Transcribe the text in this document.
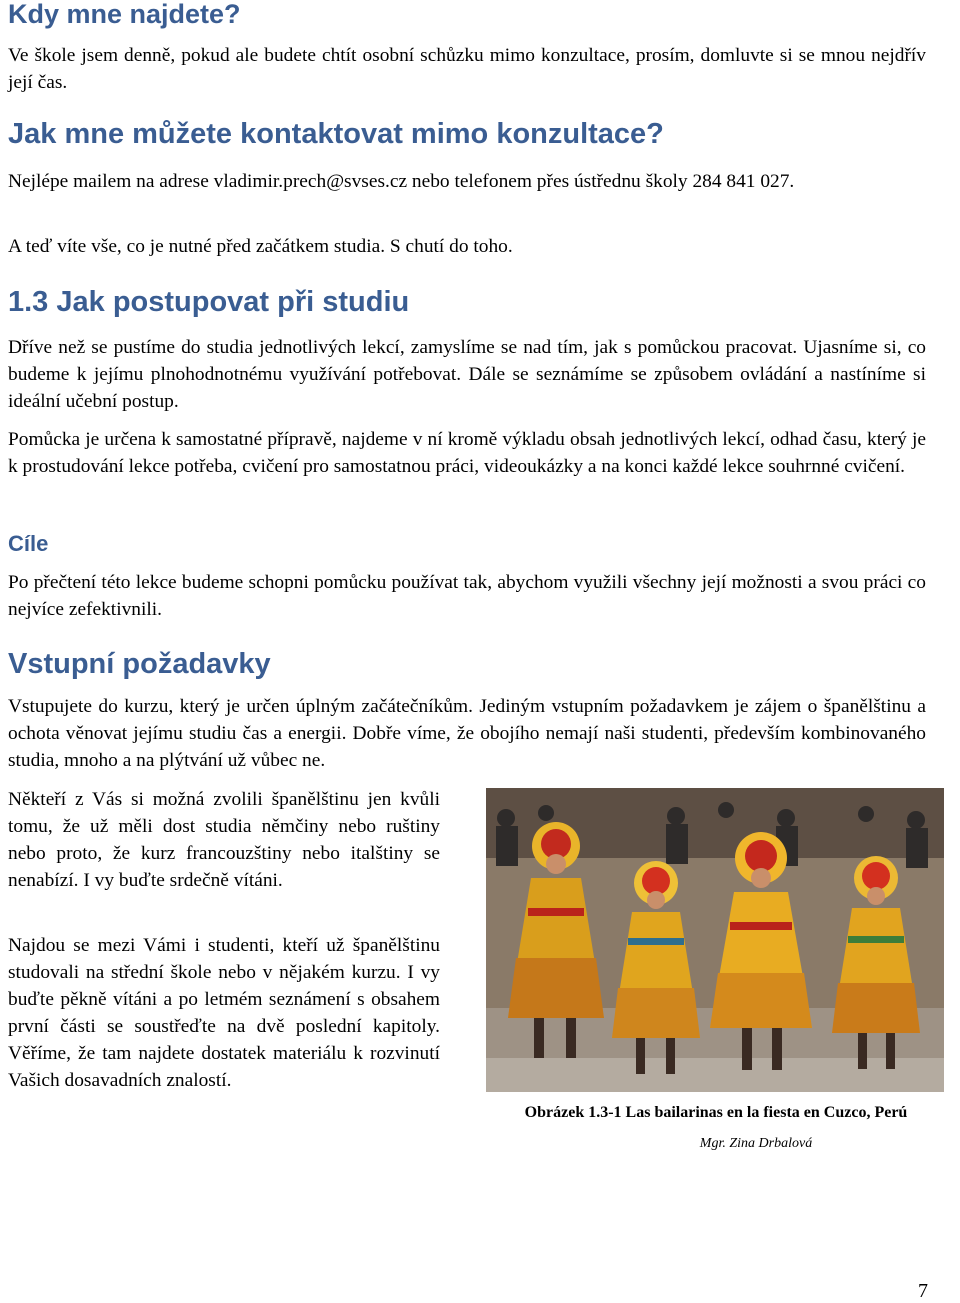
Kdy mne najdete?

Ve škole jsem denně, pokud ale budete chtít osobní schůzku mimo konzultace, prosím, domluvte si se mnou nejdřív její čas.

Jak mne můžete kontaktovat mimo konzultace?

Nejlépe mailem na adrese vladimir.prech@svses.cz nebo telefonem přes ústřednu školy 284 841 027.

A teď víte vše, co je nutné před začátkem studia. S chutí do toho.

1.3 Jak postupovat při studiu

Dříve než se pustíme do studia jednotlivých lekcí, zamyslíme se nad tím, jak s pomůckou pracovat. Ujasníme si, co budeme k jejímu plnohodnotnému využívání potřebovat. Dále se seznámíme se způsobem ovládání a nastíníme si ideální učební postup.

Pomůcka je určena k samostatné přípravě, najdeme v ní kromě výkladu obsah jednotlivých lekcí, odhad času, který je k prostudování lekce potřeba, cvičení pro samostatnou práci, videoukázky a na konci každé lekce souhrnné cvičení.

Cíle

Po přečtení této lekce budeme schopni pomůcku používat tak, abychom využili všechny její možnosti a svou práci co nejvíce zefektivnili.

Vstupní požadavky

Vstupujete do kurzu, který je určen úplným začátečníkům. Jediným vstupním požadavkem je zájem o španělštinu a ochota věnovat jejímu studiu čas a energii. Dobře víme, že obojího nemají naši studenti, především kombinovaného studia, mnoho a na plýtvání už vůbec ne.

Někteří z Vás si možná zvolili španělštinu jen kvůli tomu, že už měli dost studia němčiny nebo ruštiny nebo proto, že kurz francouzštiny nebo italštiny se nenabízí. I vy buďte srdečně vítáni.

Najdou se mezi Vámi i studenti, kteří už španělštinu studovali na střední škole nebo v nějakém kurzu. I vy buďte pěkně vítáni a po letmém seznámení s obsahem první části se soustřeďte na dvě poslední kapitoly. Věříme, že tam najdete dostatek materiálu k rozvinutí Vašich dosavadních znalostí.

Obrázek 1.3-1 Las bailarinas en la fiesta en Cuzco, Perú
Mgr. Zina Drbalová
7
